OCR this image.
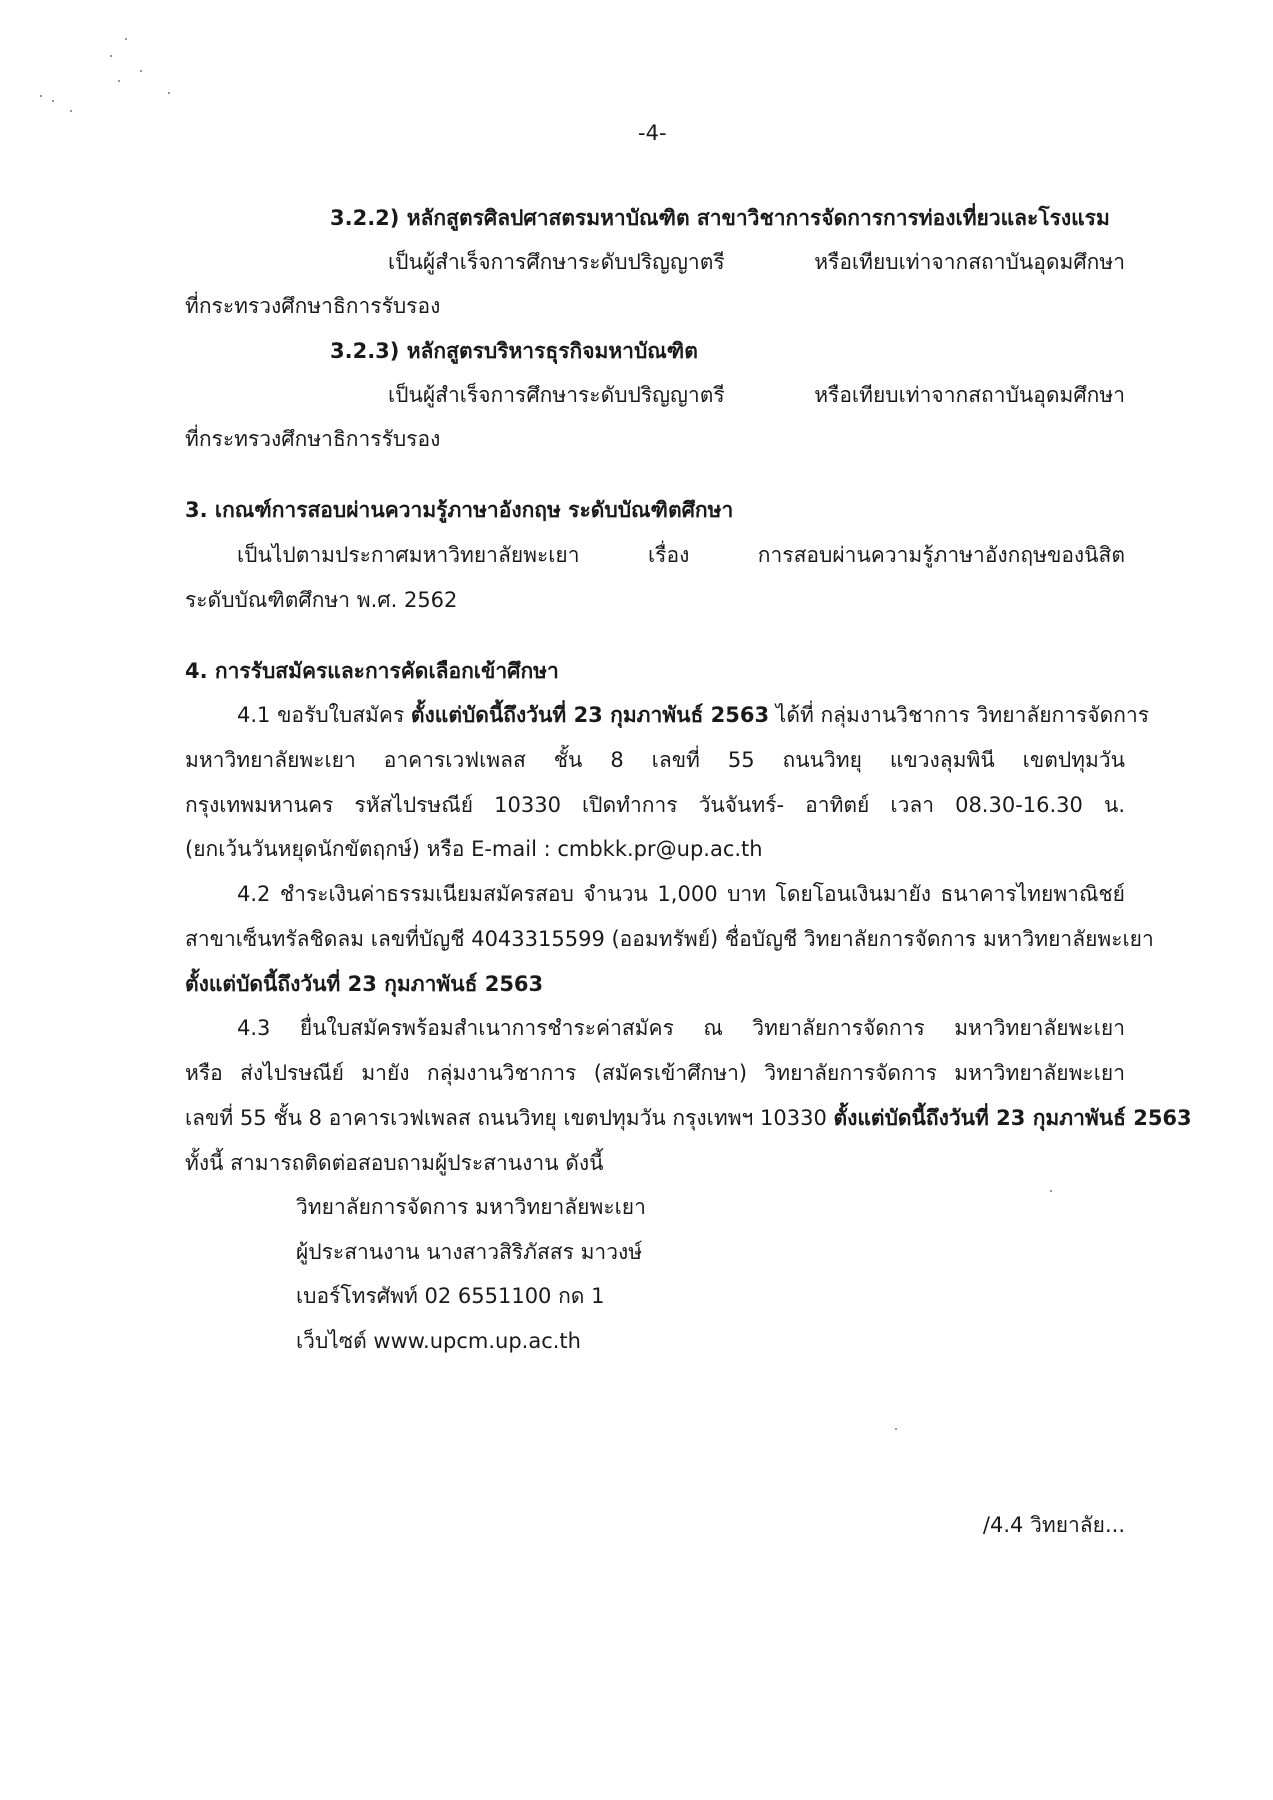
-4-
3.2.2) หลักสูตรศิลปศาสตรมหาบัณฑิต สาขาวิชาการจัดการการท่องเที่ยวและโรงแรม
เป็นผู้สำเร็จการศึกษาระดับปริญญาตรี หรือเทียบเท่าจากสถาบันอุดมศึกษา
ที่กระทรวงศึกษาธิการรับรอง
3.2.3) หลักสูตรบริหารธุรกิจมหาบัณฑิต
เป็นผู้สำเร็จการศึกษาระดับปริญญาตรี หรือเทียบเท่าจากสถาบันอุดมศึกษา
ที่กระทรวงศึกษาธิการรับรอง
3. เกณฑ์การสอบผ่านความรู้ภาษาอังกฤษ ระดับบัณฑิตศึกษา
เป็นไปตามประกาศมหาวิทยาลัยพะเยา เรื่อง การสอบผ่านความรู้ภาษาอังกฤษของนิสิต
ระดับบัณฑิตศึกษา พ.ศ. 2562
4. การรับสมัครและการคัดเลือกเข้าศึกษา
4.1 ขอรับใบสมัคร ตั้งแต่บัดนี้ถึงวันที่ 23 กุมภาพันธ์ 2563 ได้ที่ กลุ่มงานวิชาการ วิทยาลัยการจัดการ
มหาวิทยาลัยพะเยา อาคารเวฟเพลส ชั้น 8 เลขที่ 55 ถนนวิทยุ แขวงลุมพินี เขตปทุมวัน
กรุงเทพมหานคร รหัสไปรษณีย์ 10330 เปิดทำการ วันจันทร์- อาทิตย์ เวลา 08.30-16.30 น.
(ยกเว้นวันหยุดนักขัตฤกษ์) หรือ E-mail : cmbkk.pr@up.ac.th
4.2 ชำระเงินค่าธรรมเนียมสมัครสอบ จำนวน 1,000 บาท โดยโอนเงินมายัง ธนาคารไทยพาณิชย์
สาขาเซ็นทรัลชิดลม เลขที่บัญชี 4043315599 (ออมทรัพย์) ชื่อบัญชี วิทยาลัยการจัดการ มหาวิทยาลัยพะเยา
ตั้งแต่บัดนี้ถึงวันที่ 23 กุมภาพันธ์ 2563
4.3 ยื่นใบสมัครพร้อมสำเนาการชำระค่าสมัคร ณ วิทยาลัยการจัดการ มหาวิทยาลัยพะเยา
หรือ ส่งไปรษณีย์ มายัง กลุ่มงานวิชาการ (สมัครเข้าศึกษา) วิทยาลัยการจัดการ มหาวิทยาลัยพะเยา
เลขที่ 55 ชั้น 8 อาคารเวฟเพลส ถนนวิทยุ เขตปทุมวัน กรุงเทพฯ 10330 ตั้งแต่บัดนี้ถึงวันที่ 23 กุมภาพันธ์ 2563
ทั้งนี้ สามารถติดต่อสอบถามผู้ประสานงาน ดังนี้
วิทยาลัยการจัดการ มหาวิทยาลัยพะเยา
ผู้ประสานงาน นางสาวสิริภัสสร มาวงษ์
เบอร์โทรศัพท์ 02 6551100 กด 1
เว็บไซต์ www.upcm.up.ac.th
/4.4 วิทยาลัย...
